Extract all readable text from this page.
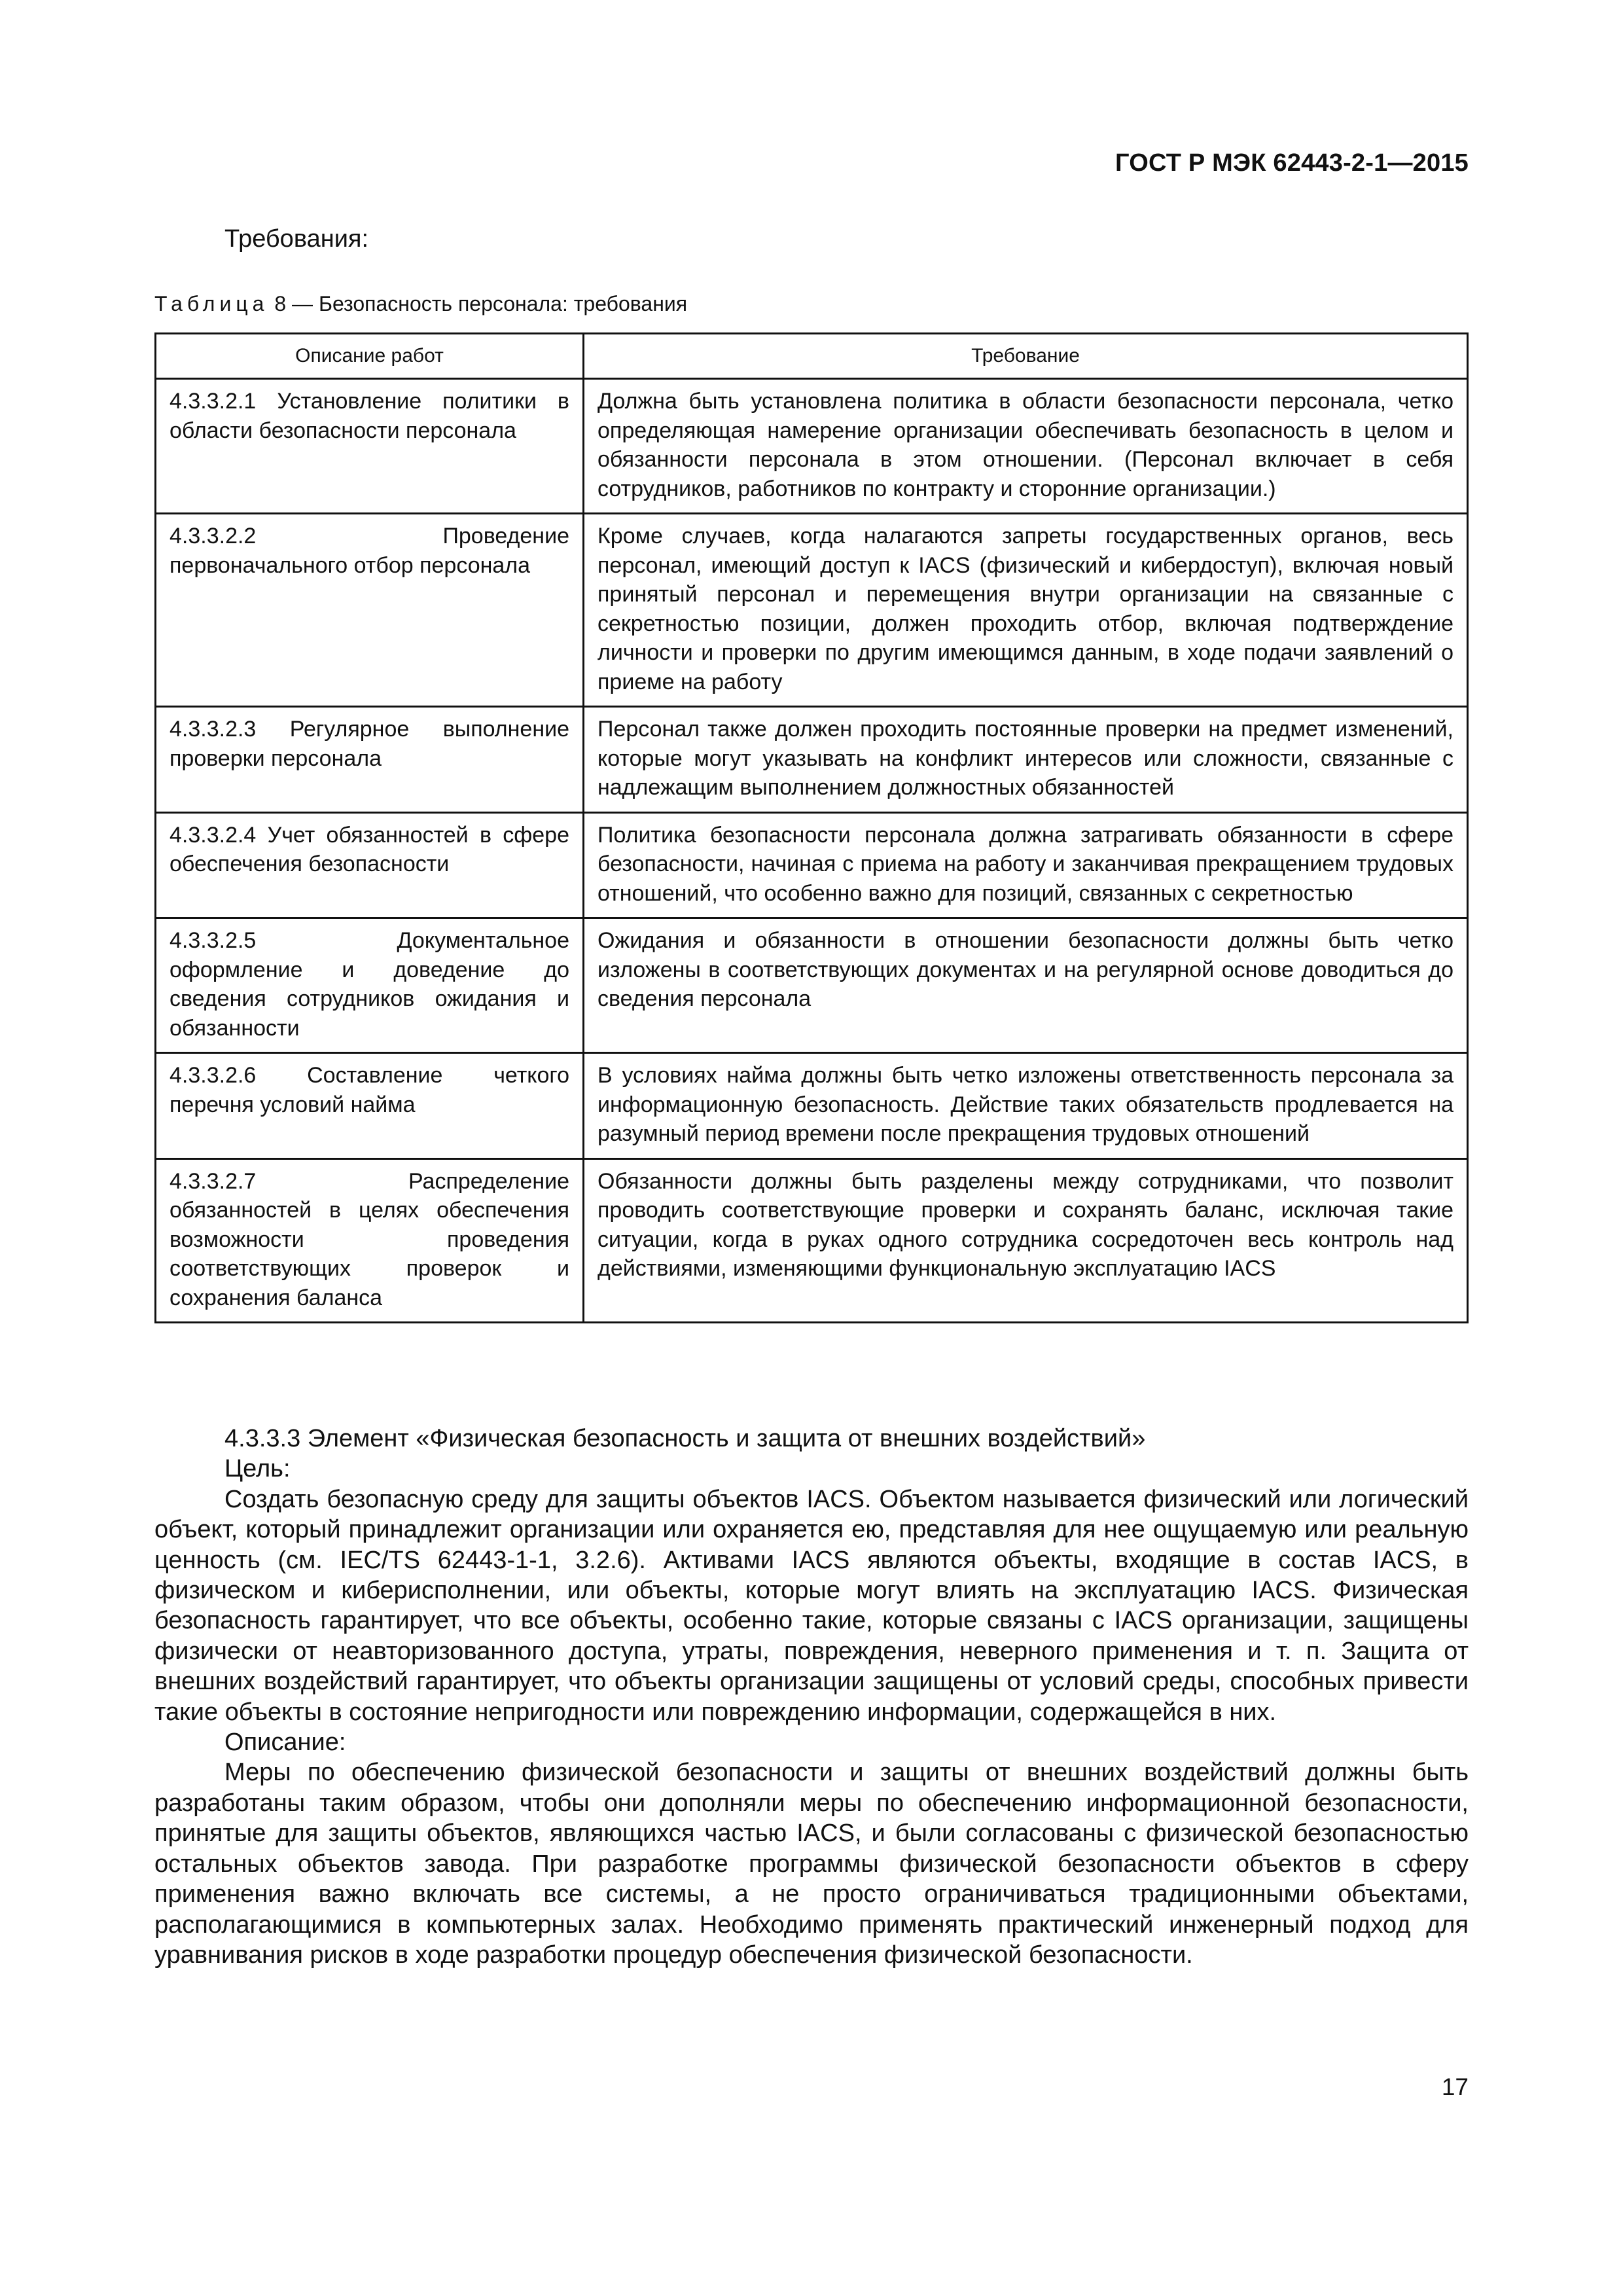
ГОСТ Р МЭК 62443-2-1—2015
Требования:
Таблица 8 — Безопасность персонала: требования
Описание работ	Требование
4.3.3.2.1 Установление политики в области безопасности персонала	Должна быть установлена политика в области безопасности персонала, четко определяющая намерение организации обеспечивать безопасность в целом и обязанности персонала в этом отношении. (Персонал включает в себя сотрудников, работников по контракту и сторонние организации.)
4.3.3.2.2 Проведение первоначального отбор персонала	Кроме случаев, когда налагаются запреты государственных органов, весь персонал, имеющий доступ к IACS (физический и кибердоступ), включая новый принятый персонал и перемещения внутри организации на связанные с секретностью позиции, должен проходить отбор, включая подтверждение личности и проверки по другим имеющимся данным, в ходе подачи заявлений о приеме на работу
4.3.3.2.3 Регулярное выполнение проверки персонала	Персонал также должен проходить постоянные проверки на предмет изменений, которые могут указывать на конфликт интересов или сложности, связанные с надлежащим выполнением должностных обязанностей
4.3.3.2.4 Учет обязанностей в сфере обеспечения безопасности	Политика безопасности персонала должна затрагивать обязанности в сфере безопасности, начиная с приема на работу и заканчивая прекращением трудовых отношений, что особенно важно для позиций, связанных с секретностью
4.3.3.2.5 Документальное оформление и доведение до сведения сотрудников ожидания и обязанности	Ожидания и обязанности в отношении безопасности должны быть четко изложены в соответствующих документах и на регулярной основе доводиться до сведения персонала
4.3.3.2.6 Составление четкого перечня условий найма	В условиях найма должны быть четко изложены ответственность персонала за информационную безопасность. Действие таких обязательств продлевается на разумный период времени после прекращения трудовых отношений
4.3.3.2.7 Распределение обязанностей в целях обеспечения возможности проведения соответствующих проверок и сохранения баланса	Обязанности должны быть разделены между сотрудниками, что позволит проводить соответствующие проверки и сохранять баланс, исключая такие ситуации, когда в руках одного сотрудника сосредоточен весь контроль над действиями, изменяющими функциональную эксплуатацию IACS

4.3.3.3 Элемент «Физическая безопасность и защита от внешних воздействий»

Цель:

Создать безопасную среду для защиты объектов IACS. Объектом называется физический или логический объект, который принадлежит организации или охраняется ею, представляя для нее ощущаемую или реальную ценность (см. IEC/TS 62443-1-1, 3.2.6). Активами IACS являются объекты, входящие в состав IACS, в физическом и киберисполнении, или объекты, которые могут влиять на эксплуатацию IACS. Физическая безопасность гарантирует, что все объекты, особенно такие, которые связаны с IACS организации, защищены физически от неавторизованного доступа, утраты, повреждения, неверного применения и т. п. Защита от внешних воздействий гарантирует, что объекты организации защищены от условий среды, способных привести такие объекты в состояние непригодности или повреждению информации, содержащейся в них.

Описание:

Меры по обеспечению физической безопасности и защиты от внешних воздействий должны быть разработаны таким образом, чтобы они дополняли меры по обеспечению информационной безопасности, принятые для защиты объектов, являющихся частью IACS, и были согласованы с физической безопасностью остальных объектов завода. При разработке программы физической безопасности объектов в сферу применения важно включать все системы, а не просто ограничиваться традиционными объектами, располагающимися в компьютерных залах. Необходимо применять практический инженерный подход для уравнивания рисков в ходе разработки процедур обеспечения физической безопасности.

17
